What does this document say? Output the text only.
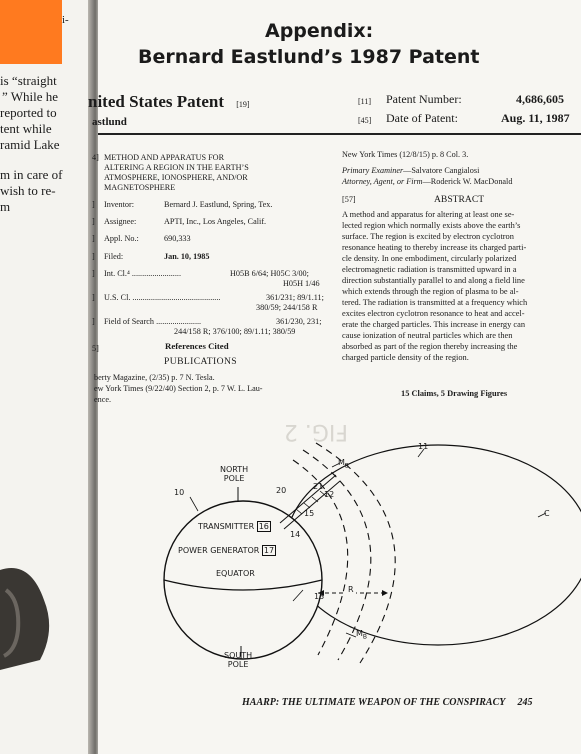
i-
is “straight
” While he
reported to
tent while
ramid Lake
m in care of
wish to re-
m
Appendix:
Bernard Eastlund’s 1987 Patent
nited States Patent [19]
astlund
[11] Patent Number:	4,686,605
[45] Date of Patent:	Aug. 11, 1987
4] METHOD AND APPARATUS FOR
ALTERING A REGION IN THE EARTH’S
ATMOSPHERE, IONOSPHERE, AND/OR
MAGNETOSPHERE
] Inventor:	Bernard J. Eastlund, Spring, Tex.
] Assignee:	APTI, Inc., Los Angeles, Calif.
] Appl. No.:	690,333
] Filed:	Jan. 10, 1985
] Int. Cl.⁴ ........................	H05B 6/64; H05C 3/00;
H05H 1/46
] U.S. Cl. ...........................................	361/231; 89/1.11;
380/59; 244/158 R
] Field of Search ......................	361/230, 231;
244/158 R; 376/100; 89/1.11; 380/59
5]	References Cited
PUBLICATIONS
berty Magazine, (2/35) p. 7 N. Tesla.
ew York Times (9/22/40) Section 2, p. 7 W. L. Lau-
ence.
New York Times (12/8/15) p. 8 Col. 3.
Primary Examiner—Salvatore Cangialosi
Attorney, Agent, or Firm—Roderick W. MacDonald
[57]	ABSTRACT
A method and apparatus for altering at least one se-
lected region which normally exists above the earth’s
surface. The region is excited by electron cyclotron
resonance heating to thereby increase its charged parti-
cle density. In one embodiment, circularly polarized
electromagnetic radiation is transmitted upward in a
direction substantially parallel to and along a field line
which extends through the region of plasma to be al-
tered. The radiation is transmitted at a frequency which
excites electron cyclotron resonance to heat and accel-
erate the charged particles. This increase in energy can
cause ionization of neutral particles which are then
absorbed as part of the region thereby increasing the
charged particle density of the region.
15 Claims, 5 Drawing Figures
FIG. 2
NORTH
POLE
SOUTH
POLE
TRANSMITTER 16
POWER GENERATOR 17
EQUATOR
10
11
12
13
14
15
20	21
C
$M_B$
$M_B$
R
HAARP: THE ULTIMATE WEAPON OF THE CONSPIRACY 245
